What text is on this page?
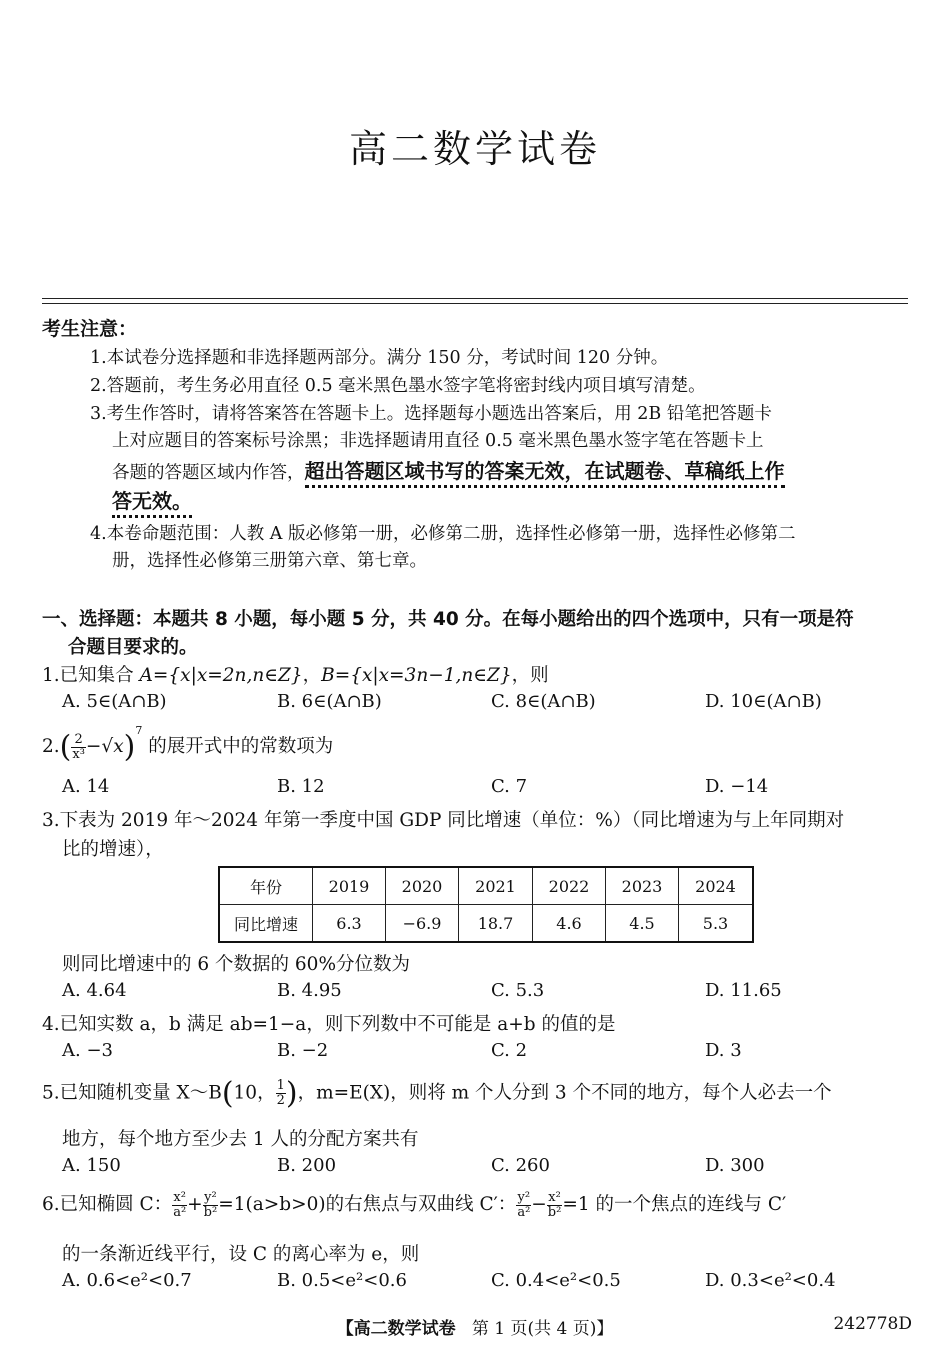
高二数学试卷
考生注意：
1.本试卷分选择题和非选择题两部分。满分 150 分，考试时间 120 分钟。
2.答题前，考生务必用直径 0.5 毫米黑色墨水签字笔将密封线内项目填写清楚。
3.考生作答时，请将答案答在答题卡上。选择题每小题选出答案后，用 2B 铅笔把答题卡
上对应题目的答案标号涂黑；非选择题请用直径 0.5 毫米黑色墨水签字笔在答题卡上
各题的答题区域内作答，超出答题区域书写的答案无效，在试题卷、草稿纸上作
答无效。
4.本卷命题范围：人教 A 版必修第一册，必修第二册，选择性必修第一册，选择性必修第二
册，选择性必修第三册第六章、第七章。
一、选择题：本题共 8 小题，每小题 5 分，共 40 分。在每小题给出的四个选项中，只有一项是符
合题目要求的。
1.已知集合 A={x|x=2n,n∈Z}，B={x|x=3n−1,n∈Z}，则
A. 5∈(A∩B)	B. 6∈(A∩B)	C. 8∈(A∩B)	D. 10∈(A∩B)
$2.( \frac{2}{\text{x³}} -√x)^7$ 的展开式中的常数项为
A. 14	B. 12	C. 7	D. −14
3.下表为 2019 年～2024 年第一季度中国 GDP 同比增速（单位：%）（同比增速为与上年同期对
比的增速），
年份	2019	2020	2021	2022	2023	2024
同比增速	6.3	−6.9	18.7	4.6	4.5	5.3
则同比增速中的 6 个数据的 60%分位数为
A. 4.64	B. 4.95	C. 5.3	D. 11.65
4.已知实数 a，b 满足 ab=1−a，则下列数中不可能是 a+b 的值的是
A. −3	B. −2	C. 2	D. 3
5.已知随机变量 X～B(10， $\frac{1}{2}$ )，m=E(X)，则将 m 个人分到 3 个不同的地方，每个人必去一个
地方，每个地方至少去 1 人的分配方案共有
A. 150	B. 200	C. 260	D. 300
6.已知椭圆 C： $\frac{\text{x²}}{\text{a²}} + \frac{\text{y²}}{\text{b²}} =1(a>b>0)$的右焦点与双曲线 C′： $\frac{\text{y²}}{\text{a²}} - \frac{\text{x²}}{\text{b²}} =1$ 的一个焦点的连线与 C′
的一条渐近线平行，设 C 的离心率为 e，则
A. 0.6<e²<0.7	B. 0.5<e²<0.6	C. 0.4<e²<0.5	D. 0.3<e²<0.4
【高二数学试卷 第 1 页(共 4 页)】	242778D
